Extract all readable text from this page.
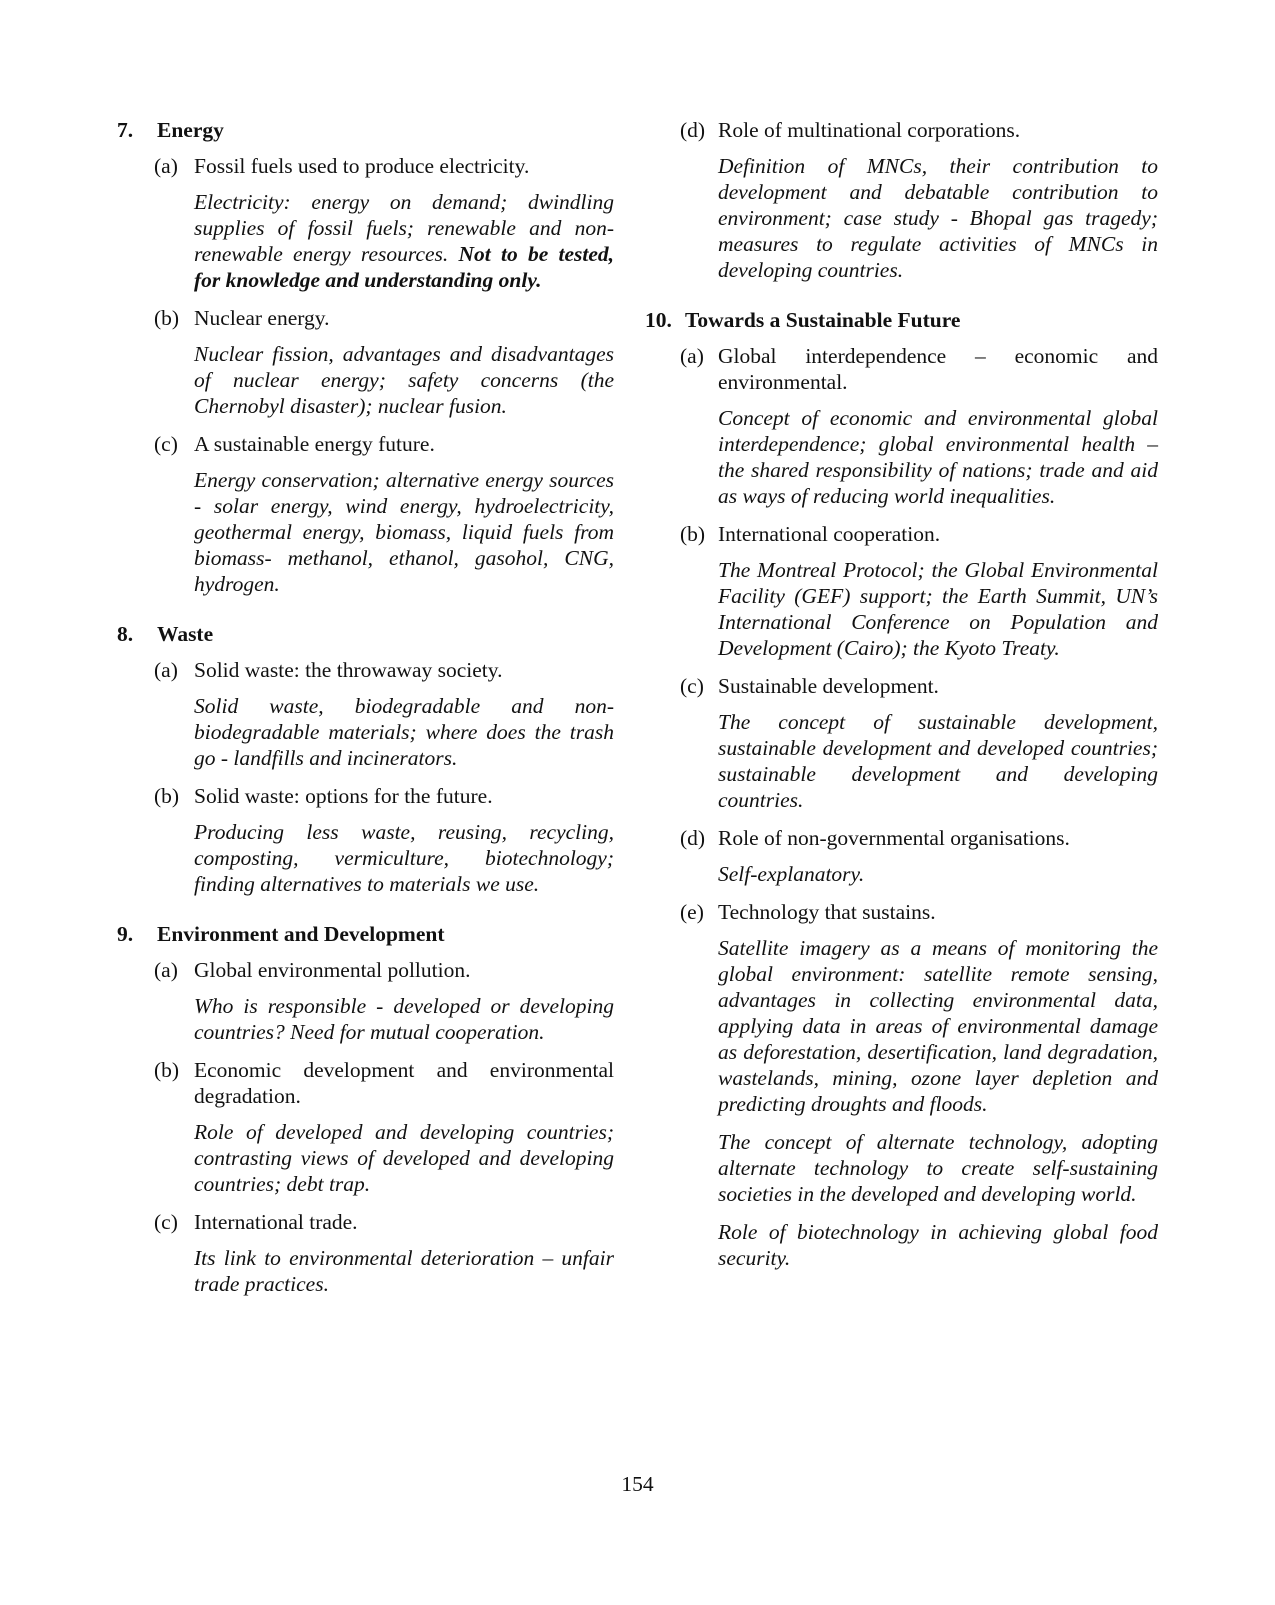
7. Energy
(a) Fossil fuels used to produce electricity.
Electricity: energy on demand; dwindling supplies of fossil fuels; renewable and non-renewable energy resources. Not to be tested, for knowledge and understanding only.
(b) Nuclear energy.
Nuclear fission, advantages and disadvantages of nuclear energy; safety concerns (the Chernobyl disaster); nuclear fusion.
(c) A sustainable energy future.
Energy conservation; alternative energy sources - solar energy, wind energy, hydroelectricity, geothermal energy, biomass, liquid fuels from biomass- methanol, ethanol, gasohol, CNG, hydrogen.
8. Waste
(a) Solid waste: the throwaway society.
Solid waste, biodegradable and non-biodegradable materials; where does the trash go - landfills and incinerators.
(b) Solid waste: options for the future.
Producing less waste, reusing, recycling, composting, vermiculture, biotechnology; finding alternatives to materials we use.
9. Environment and Development
(a) Global environmental pollution.
Who is responsible - developed or developing countries? Need for mutual cooperation.
(b) Economic development and environmental degradation.
Role of developed and developing countries; contrasting views of developed and developing countries; debt trap.
(c) International trade.
Its link to environmental deterioration – unfair trade practices.
(d) Role of multinational corporations.
Definition of MNCs, their contribution to development and debatable contribution to environment; case study - Bhopal gas tragedy; measures to regulate activities of MNCs in developing countries.
10. Towards a Sustainable Future
(a) Global interdependence – economic and environmental.
Concept of economic and environmental global interdependence; global environmental health – the shared responsibility of nations; trade and aid as ways of reducing world inequalities.
(b) International cooperation.
The Montreal Protocol; the Global Environmental Facility (GEF) support; the Earth Summit, UN’s International Conference on Population and Development (Cairo); the Kyoto Treaty.
(c) Sustainable development.
The concept of sustainable development, sustainable development and developed countries; sustainable development and developing countries.
(d) Role of non-governmental organisations.
Self-explanatory.
(e) Technology that sustains.
Satellite imagery as a means of monitoring the global environment: satellite remote sensing, advantages in collecting environmental data, applying data in areas of environmental damage as deforestation, desertification, land degradation, wastelands, mining, ozone layer depletion and predicting droughts and floods.
The concept of alternate technology, adopting alternate technology to create self-sustaining societies in the developed and developing world.
Role of biotechnology in achieving global food security.
154
